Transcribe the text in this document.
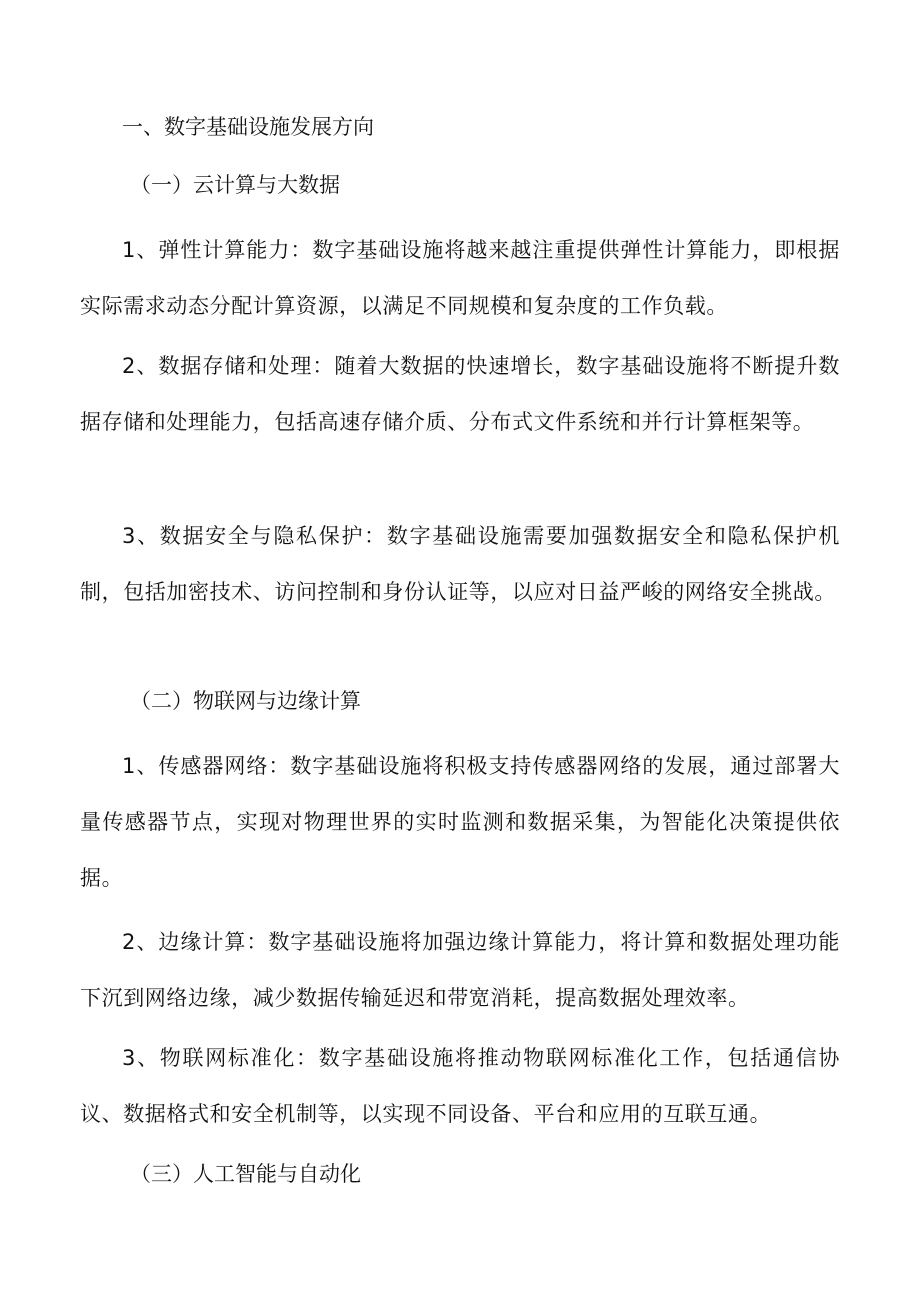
一、数字基础设施发展方向
（一）云计算与大数据
1、弹性计算能力：数字基础设施将越来越注重提供弹性计算能力，即根据实际需求动态分配计算资源，以满足不同规模和复杂度的工作负载。
2、数据存储和处理：随着大数据的快速增长，数字基础设施将不断提升数据存储和处理能力，包括高速存储介质、分布式文件系统和并行计算框架等。
3、数据安全与隐私保护：数字基础设施需要加强数据安全和隐私保护机制，包括加密技术、访问控制和身份认证等，以应对日益严峻的网络安全挑战。
（二）物联网与边缘计算
1、传感器网络：数字基础设施将积极支持传感器网络的发展，通过部署大量传感器节点，实现对物理世界的实时监测和数据采集，为智能化决策提供依据。
2、边缘计算：数字基础设施将加强边缘计算能力，将计算和数据处理功能下沉到网络边缘，减少数据传输延迟和带宽消耗，提高数据处理效率。
3、物联网标准化：数字基础设施将推动物联网标准化工作，包括通信协议、数据格式和安全机制等，以实现不同设备、平台和应用的互联互通。
（三）人工智能与自动化
